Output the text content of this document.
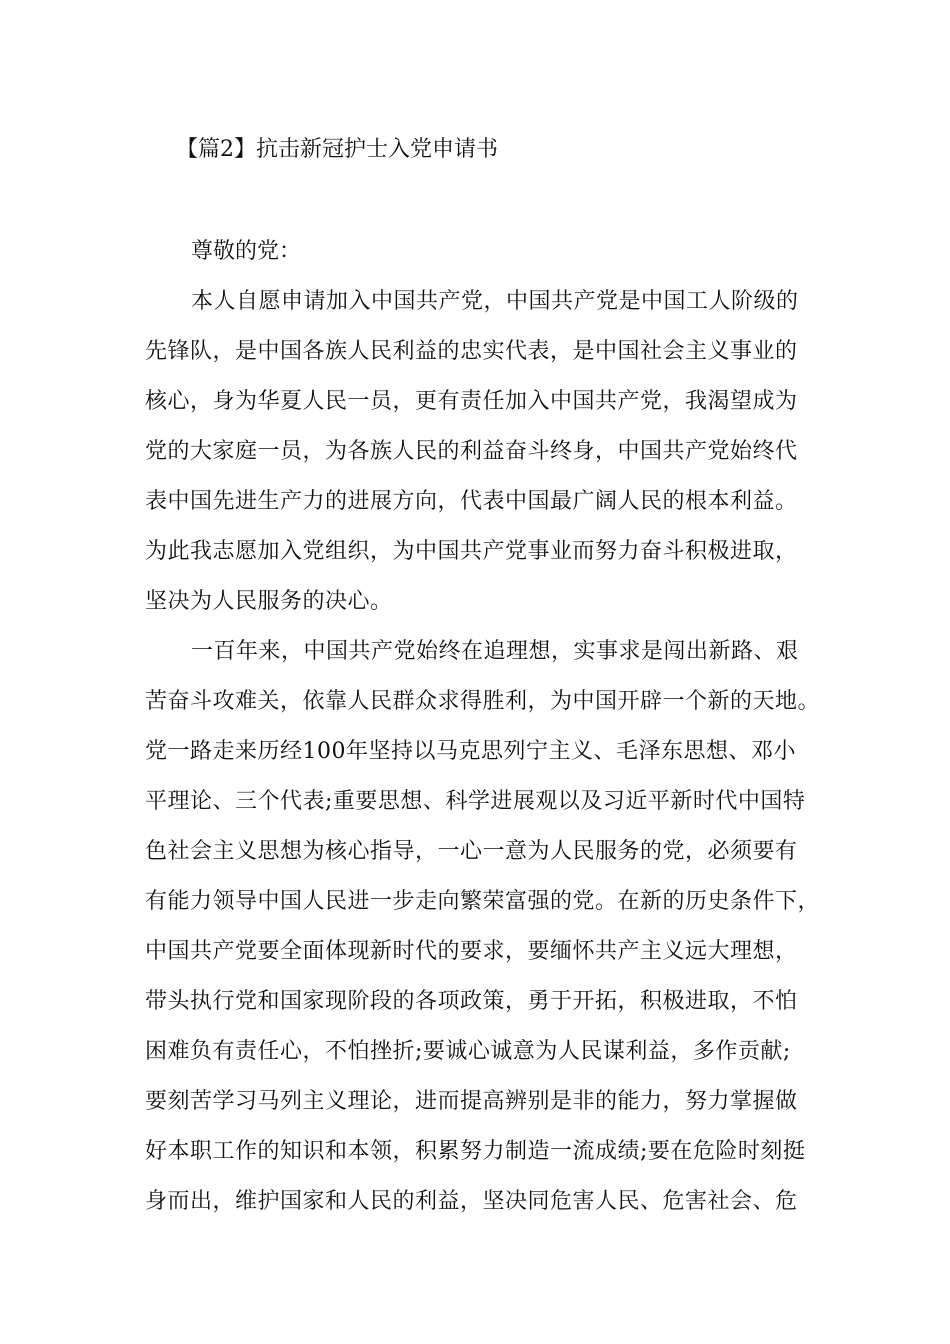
【篇2】抗击新冠护士入党申请书
尊敬的党：
本人自愿申请加入中国共产党，中国共产党是中国工人阶级的
先锋队，是中国各族人民利益的忠实代表，是中国社会主义事业的
核心，身为华夏人民一员，更有责任加入中国共产党，我渴望成为
党的大家庭一员，为各族人民的利益奋斗终身，中国共产党始终代
表中国先进生产力的进展方向，代表中国最广阔人民的根本利益。
为此我志愿加入党组织，为中国共产党事业而努力奋斗积极进取，
坚决为人民服务的决心。
一百年来，中国共产党始终在追理想，实事求是闯出新路、艰
苦奋斗攻难关，依靠人民群众求得胜利，为中国开辟一个新的天地。
党一路走来历经100年坚持以马克思列宁主义、毛泽东思想、邓小
平理论、三个代表;重要思想、科学进展观以及习近平新时代中国特
色社会主义思想为核心指导，一心一意为人民服务的党，必须要有
有能力领导中国人民进一步走向繁荣富强的党。在新的历史条件下，
中国共产党要全面体现新时代的要求，要缅怀共产主义远大理想，
带头执行党和国家现阶段的各项政策，勇于开拓，积极进取，不怕
困难负有责任心，不怕挫折;要诚心诚意为人民谋利益，多作贡献;
要刻苦学习马列主义理论，进而提高辨别是非的能力，努力掌握做
好本职工作的知识和本领，积累努力制造一流成绩;要在危险时刻挺
身而出，维护国家和人民的利益，坚决同危害人民、危害社会、危
